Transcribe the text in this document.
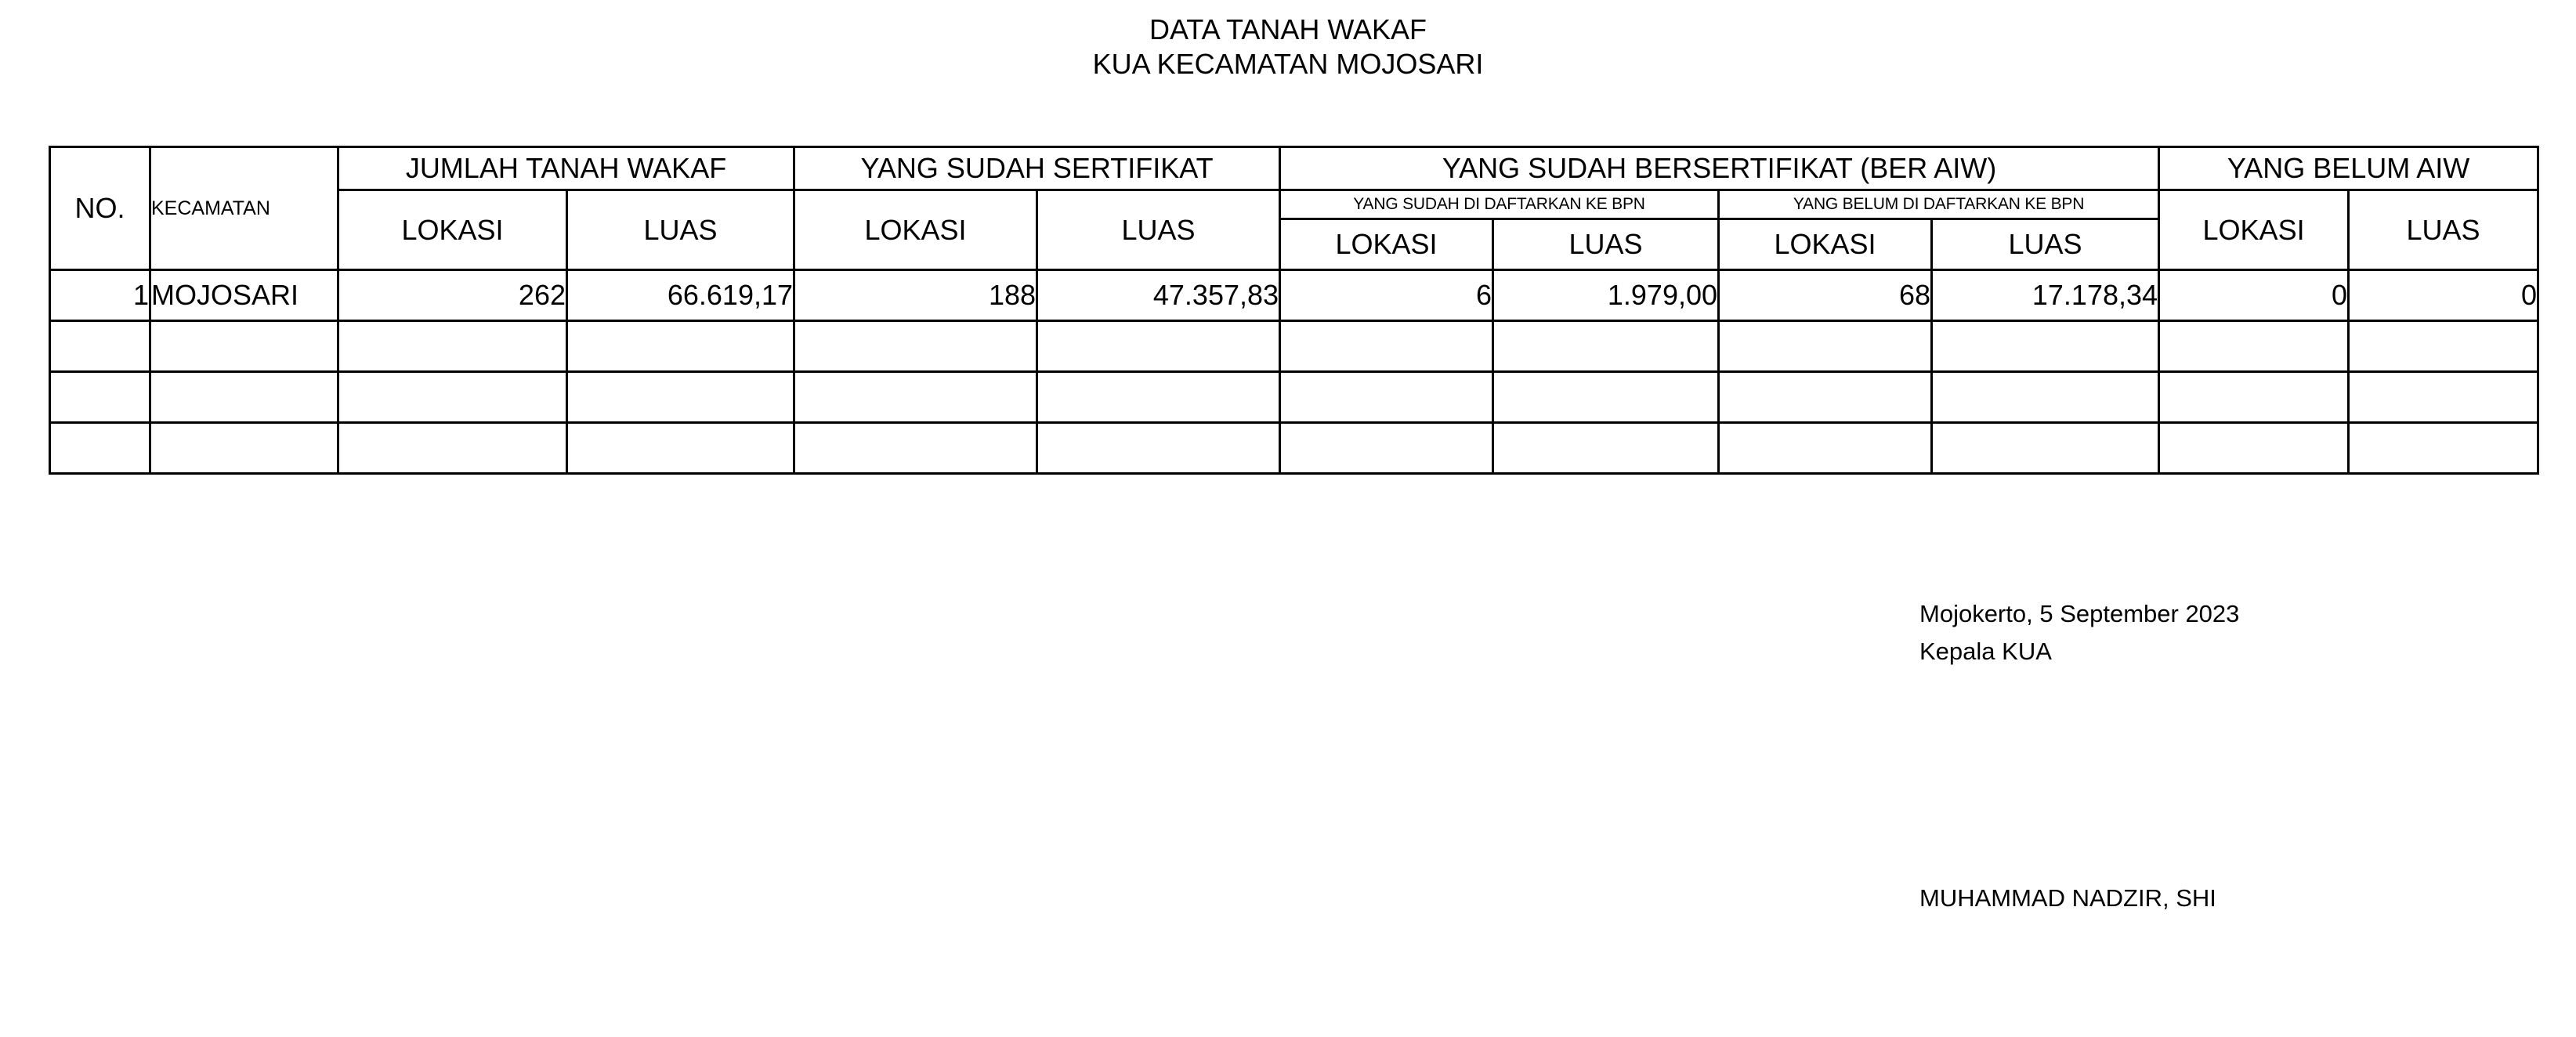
DATA TANAH WAKAF
KUA KECAMATAN MOJOSARI
NO.	KECAMATAN	JUMLAH TANAH WAKAF		YANG SUDAH SERTIFIKAT		YANG SUDAH BERSERTIFIKAT (BER AIW)				YANG BELUM AIW	
		LOKASI	LUAS	LOKASI	LUAS	YANG SUDAH DI DAFTARKAN KE BPN		YANG BELUM DI DAFTARKAN KE BPN		LOKASI	LUAS
						LOKASI	LUAS	LOKASI	LUAS		
1	MOJOSARI	262	66.619,17	188	47.357,83	6	1.979,00	68	17.178,34	0	0

Mojokerto, 5 September 2023
Kepala KUA
MUHAMMAD NADZIR, SHI
